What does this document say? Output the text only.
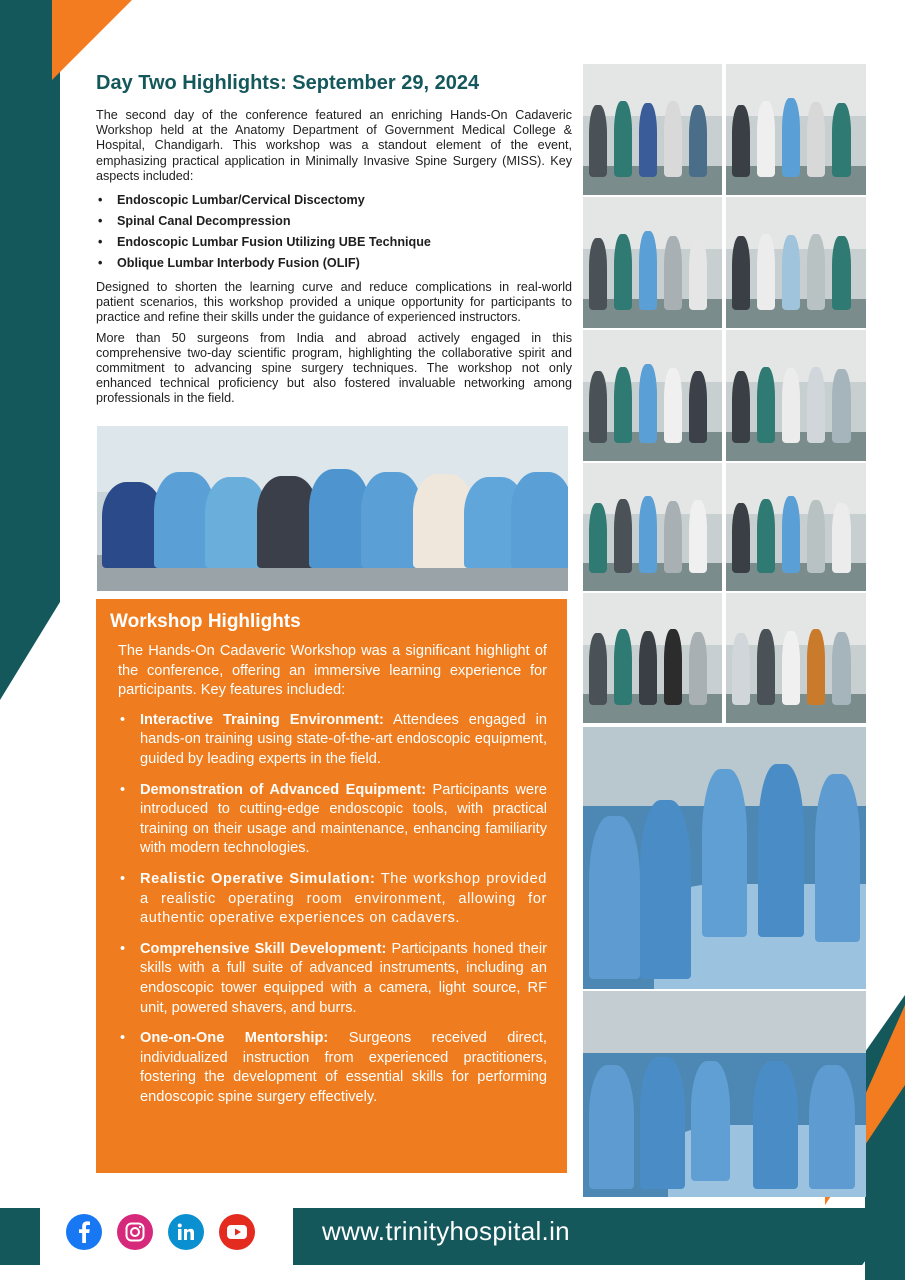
Day Two Highlights: September 29, 2024

The second day of the conference featured an enriching Hands-On Cadaveric Workshop held at the Anatomy Department of Government Medical College & Hospital, Chandigarh. This workshop was a standout element of the event, emphasizing practical application in Minimally Invasive Spine Surgery (MISS). Key aspects included:

• Endoscopic Lumbar/Cervical Discectomy
• Spinal Canal Decompression
• Endoscopic Lumbar Fusion Utilizing UBE Technique
• Oblique Lumbar Interbody Fusion (OLIF)

Designed to shorten the learning curve and reduce complications in real-world patient scenarios, this workshop provided a unique opportunity for participants to practice and refine their skills under the guidance of experienced instructors.

More than 50 surgeons from India and abroad actively engaged in this comprehensive two-day scientific program, highlighting the collaborative spirit and commitment to advancing spine surgery techniques. The workshop not only enhanced technical proficiency but also fostered invaluable networking among professionals in the field.

Workshop Highlights

The Hands-On Cadaveric Workshop was a significant highlight of the conference, offering an immersive learning experience for participants. Key features included:

• Interactive Training Environment: Attendees engaged in hands-on training using state-of-the-art endoscopic equipment, guided by leading experts in the field.
• Demonstration of Advanced Equipment: Participants were introduced to cutting-edge endoscopic tools, with practical training on their usage and maintenance, enhancing familiarity with modern technologies.
• Realistic Operative Simulation: The workshop provided a realistic operating room environment, allowing for authentic operative experiences on cadavers.
• Comprehensive Skill Development: Participants honed their skills with a full suite of advanced instruments, including an endoscopic tower equipped with a camera, light source, RF unit, powered shavers, and burrs.
• One-on-One Mentorship: Surgeons received direct, individualized instruction from experienced practitioners, fostering the development of essential skills for performing endoscopic spine surgery effectively.
www.trinityhospital.in
